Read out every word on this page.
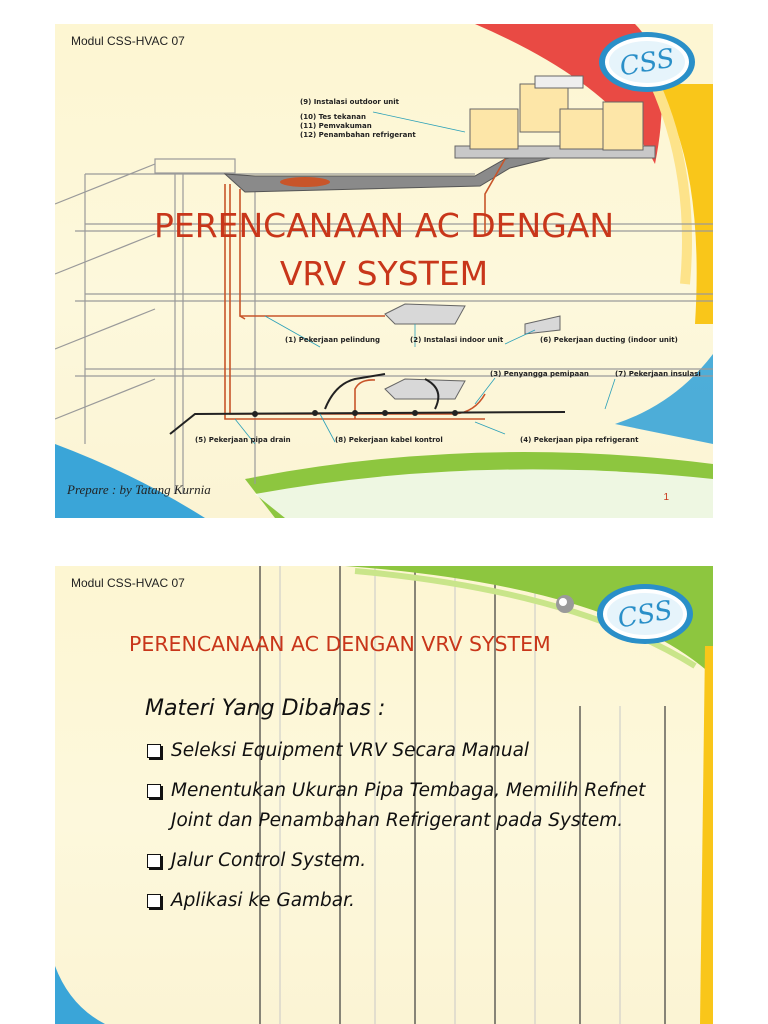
(9) Instalasi outdoor unit
(10) Tes tekanan
(11) Pemvakuman
(12) Penambahan refrigerant
(1) Pekerjaan pelindung	(2) Instalasi indoor unit	(6) Pekerjaan ducting (indoor unit)
(3) Penyangga pemipaan	(7) Pekerjaan insulasi
(5) Pekerjaan pipa drain	(8) Pekerjaan kabel kontrol	(4) Pekerjaan pipa refrigerant
Modul CSS-HVAC 07
CSS
PERENCANAAN AC DENGAN
VRV SYSTEM
Prepare : by Tatang Kurnia
1
Modul CSS-HVAC 07
CSS
PERENCANAAN AC DENGAN VRV SYSTEM
Materi Yang Dibahas :
Seleksi Equipment VRV Secara Manual
Menentukan Ukuran Pipa Tembaga, Memilih Refnet Joint dan Penambahan Refrigerant pada System.
Jalur Control System.
Aplikasi ke Gambar.
